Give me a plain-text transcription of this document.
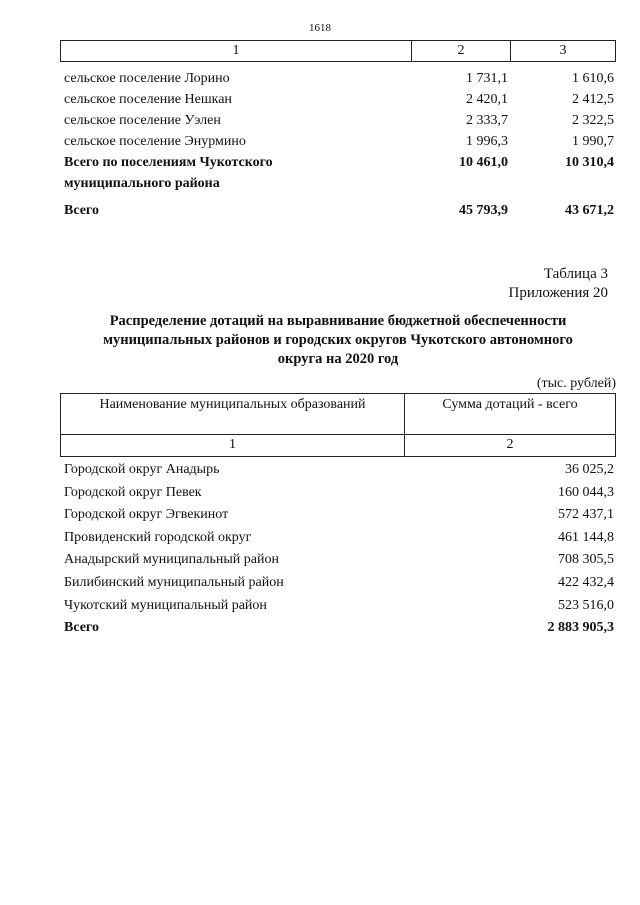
1618
1	2	3
сельское поселение Лорино	1 731,1	1 610,6
сельское поселение Нешкан	2 420,1	2 412,5
сельское поселение Уэлен	2 333,7	2 322,5
сельское поселение Энурмино	1 996,3	1 990,7
Всего по поселениям Чукотского	10 461,0	10 310,4
муниципального района
Всего	45 793,9	43 671,2
Таблица 3
Приложения 20
Распределение дотаций на выравнивание бюджетной обеспеченности
муниципальных районов и городских округов Чукотского автономного
округа на 2020 год
(тыс. рублей)
Наименование муниципальных образований	Сумма дотаций - всего
1	2
Городской округ Анадырь	36 025,2
Городской округ Певек	160 044,3
Городской округ Эгвекинот	572 437,1
Провиденский городской округ	461 144,8
Анадырский муниципальный район	708 305,5
Билибинский муниципальный район	422 432,4
Чукотский муниципальный район	523 516,0
Всего	2 883 905,3
